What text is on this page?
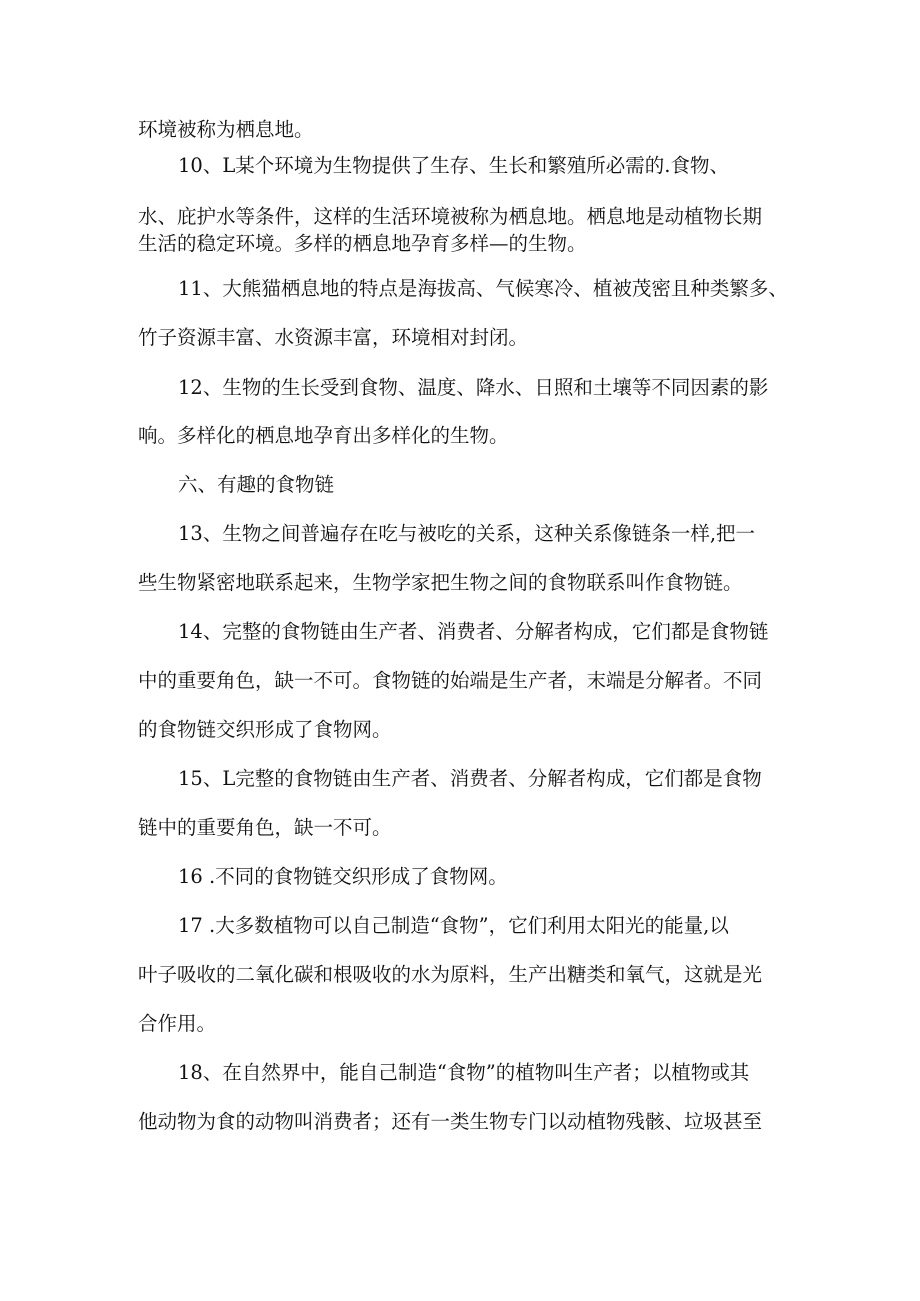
环境被称为栖息地。
10、L某个环境为生物提供了生存、生长和繁殖所必需的.食物、
水、庇护水等条件，这样的生活环境被称为栖息地。栖息地是动植物长期
生活的稳定环境。多样的栖息地孕育多样—的生物。
11、大熊猫栖息地的特点是海拔高、气候寒冷、植被茂密且种类繁多、
竹子资源丰富、水资源丰富，环境相对封闭。
12、生物的生长受到食物、温度、降水、日照和土壤等不同因素的影
响。多样化的栖息地孕育出多样化的生物。
六、有趣的食物链
13、生物之间普遍存在吃与被吃的关系，这种关系像链条一样,把一
些生物紧密地联系起来，生物学家把生物之间的食物联系叫作食物链。
14、完整的食物链由生产者、消费者、分解者构成，它们都是食物链
中的重要角色，缺一不可。食物链的始端是生产者，末端是分解者。不同
的食物链交织形成了食物网。
15、L完整的食物链由生产者、消费者、分解者构成，它们都是食物
链中的重要角色，缺一不可。
16 .不同的食物链交织形成了食物网。
17 .大多数植物可以自己制造“食物”，它们利用太阳光的能量,以
叶子吸收的二氧化碳和根吸收的水为原料，生产出糖类和氧气，这就是光
合作用。
18、在自然界中，能自己制造“食物”的植物叫生产者；以植物或其
他动物为食的动物叫消费者；还有一类生物专门以动植物残骸、垃圾甚至
